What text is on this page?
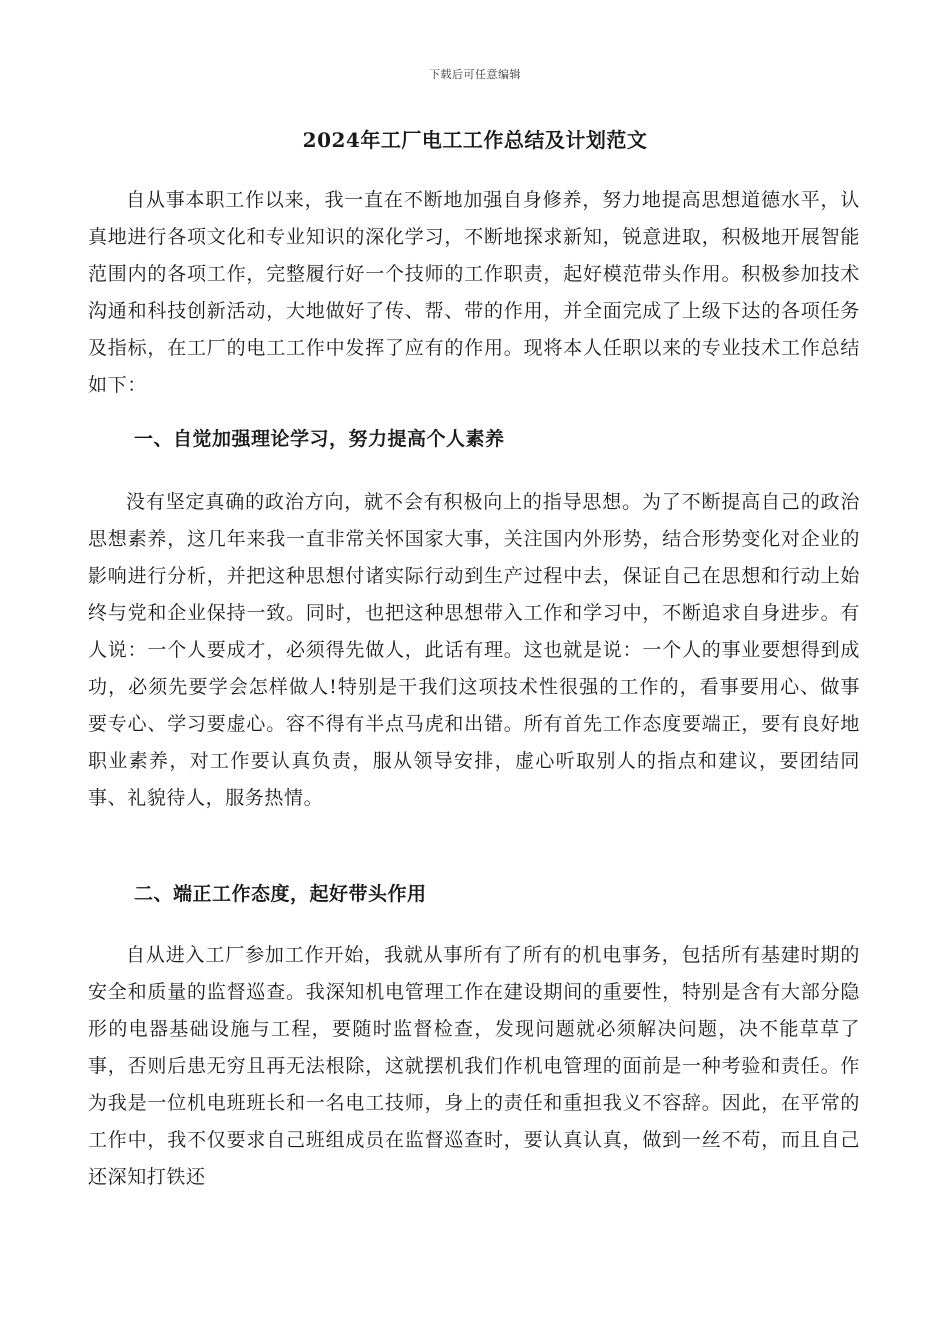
下载后可任意编辑
2024年工厂电工工作总结及计划范文

自从事本职工作以来，我一直在不断地加强自身修养，努力地提高思想道德水平，认真地进行各项文化和专业知识的深化学习，不断地探求新知，锐意进取，积极地开展智能范围内的各项工作，完整履行好一个技师的工作职责，起好模范带头作用。积极参加技术沟通和科技创新活动，大地做好了传、帮、带的作用，并全面完成了上级下达的各项任务及指标，在工厂的电工工作中发挥了应有的作用。现将本人任职以来的专业技术工作总结如下：

一、自觉加强理论学习，努力提高个人素养

没有坚定真确的政治方向，就不会有积极向上的指导思想。为了不断提高自己的政治思想素养，这几年来我一直非常关怀国家大事，关注国内外形势，结合形势变化对企业的影响进行分析，并把这种思想付诸实际行动到生产过程中去，保证自己在思想和行动上始终与党和企业保持一致。同时，也把这种思想带入工作和学习中，不断追求自身进步。有人说：一个人要成才，必须得先做人，此话有理。这也就是说：一个人的事业要想得到成功，必须先要学会怎样做人!特别是干我们这项技术性很强的工作的，看事要用心、做事要专心、学习要虚心。容不得有半点马虎和出错。所有首先工作态度要端正，要有良好地职业素养，对工作要认真负责，服从领导安排，虚心听取别人的指点和建议，要团结同事、礼貌待人，服务热情。

二、端正工作态度，起好带头作用

自从进入工厂参加工作开始，我就从事所有了所有的机电事务，包括所有基建时期的安全和质量的监督巡查。我深知机电管理工作在建设期间的重要性，特别是含有大部分隐形的电器基础设施与工程，要随时监督检查，发现问题就必须解决问题，决不能草草了事，否则后患无穷且再无法根除，这就摆机我们作机电管理的面前是一种考验和责任。作为我是一位机电班班长和一名电工技师，身上的责任和重担我义不容辞。因此，在平常的工作中，我不仅要求自己班组成员在监督巡查时，要认真认真，做到一丝不苟，而且自己还深知打铁还
